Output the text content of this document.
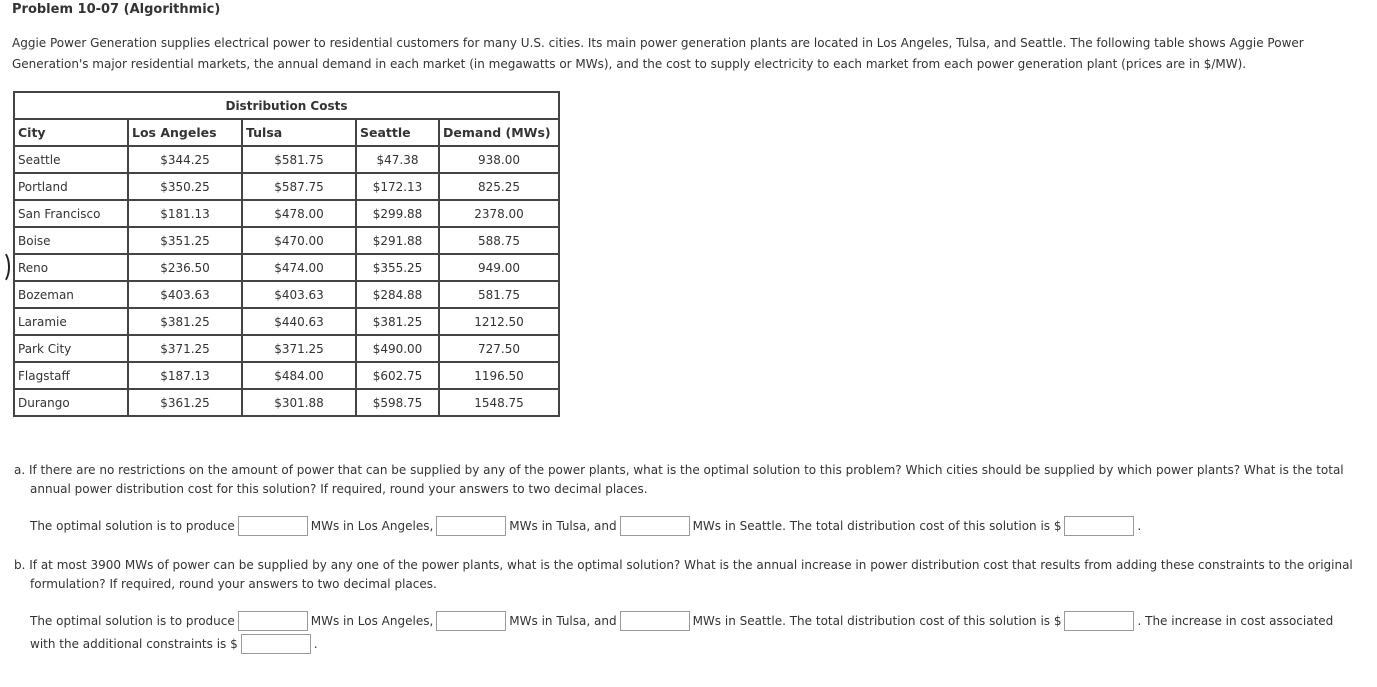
Problem 10-07 (Algorithmic)
Aggie Power Generation supplies electrical power to residential customers for many U.S. cities. Its main power generation plants are located in Los Angeles, Tulsa, and Seattle. The following table shows Aggie Power Generation's major residential markets, the annual demand in each market (in megawatts or MWs), and the cost to supply electricity to each market from each power generation plant (prices are in $/MW).
Distribution Costs				
City	Los Angeles	Tulsa	Seattle	Demand (MWs)
Seattle	$344.25	$581.75	$47.38	938.00
Portland	$350.25	$587.75	$172.13	825.25
San Francisco	$181.13	$478.00	$299.88	2378.00
Boise	$351.25	$470.00	$291.88	588.75
Reno	$236.50	$474.00	$355.25	949.00
Bozeman	$403.63	$403.63	$284.88	581.75
Laramie	$381.25	$440.63	$381.25	1212.50
Park City	$371.25	$371.25	$490.00	727.50
Flagstaff	$187.13	$484.00	$602.75	1196.50
Durango	$361.25	$301.88	$598.75	1548.75
a. If there are no restrictions on the amount of power that can be supplied by any of the power plants, what is the optimal solution to this problem? Which cities should be supplied by which power plants? What is the total annual power distribution cost for this solution? If required, round your answers to two decimal places.
The optimal solution is to produce	MWs in Los Angeles,	MWs in Tulsa, and	MWs in Seattle. The total distribution cost of this solution is $	.
b. If at most 3900 MWs of power can be supplied by any one of the power plants, what is the optimal solution? What is the annual increase in power distribution cost that results from adding these constraints to the original formulation? If required, round your answers to two decimal places.
The optimal solution is to produce	MWs in Los Angeles,	MWs in Tulsa, and	MWs in Seattle. The total distribution cost of this solution is $	. The increase in cost associated
with the additional constraints is $	.
